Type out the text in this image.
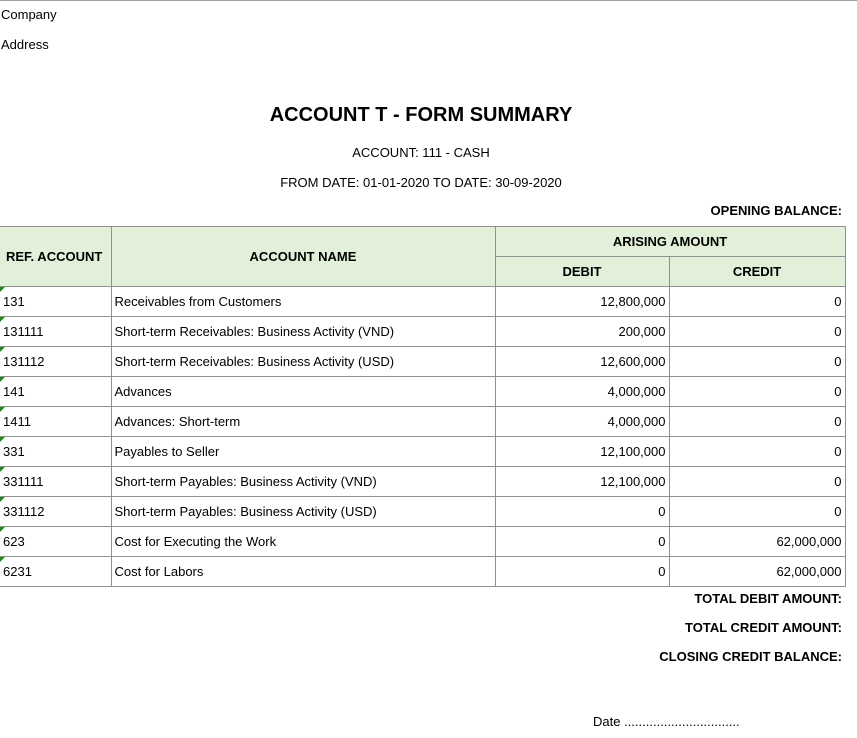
Company
Address
ACCOUNT T - FORM SUMMARY
ACCOUNT: 111 - CASH
FROM DATE: 01-01-2020 TO DATE: 30-09-2020
OPENING BALANCE:
REF. ACCOUNT	ACCOUNT NAME	ARISING AMOUNT	
		DEBIT	CREDIT
131	Receivables from Customers	12,800,000	0
131111	Short-term Receivables: Business Activity (VND)	200,000	0
131112	Short-term Receivables: Business Activity (USD)	12,600,000	0
141	Advances	4,000,000	0
1411	Advances: Short-term	4,000,000	0
331	Payables to Seller	12,100,000	0
331111	Short-term Payables: Business Activity (VND)	12,100,000	0
331112	Short-term Payables: Business Activity (USD)	0	0
623	Cost for Executing the Work	0	62,000,000
6231	Cost for Labors	0	62,000,000
TOTAL DEBIT AMOUNT:
TOTAL CREDIT AMOUNT:
CLOSING CREDIT BALANCE:
Date ................................
